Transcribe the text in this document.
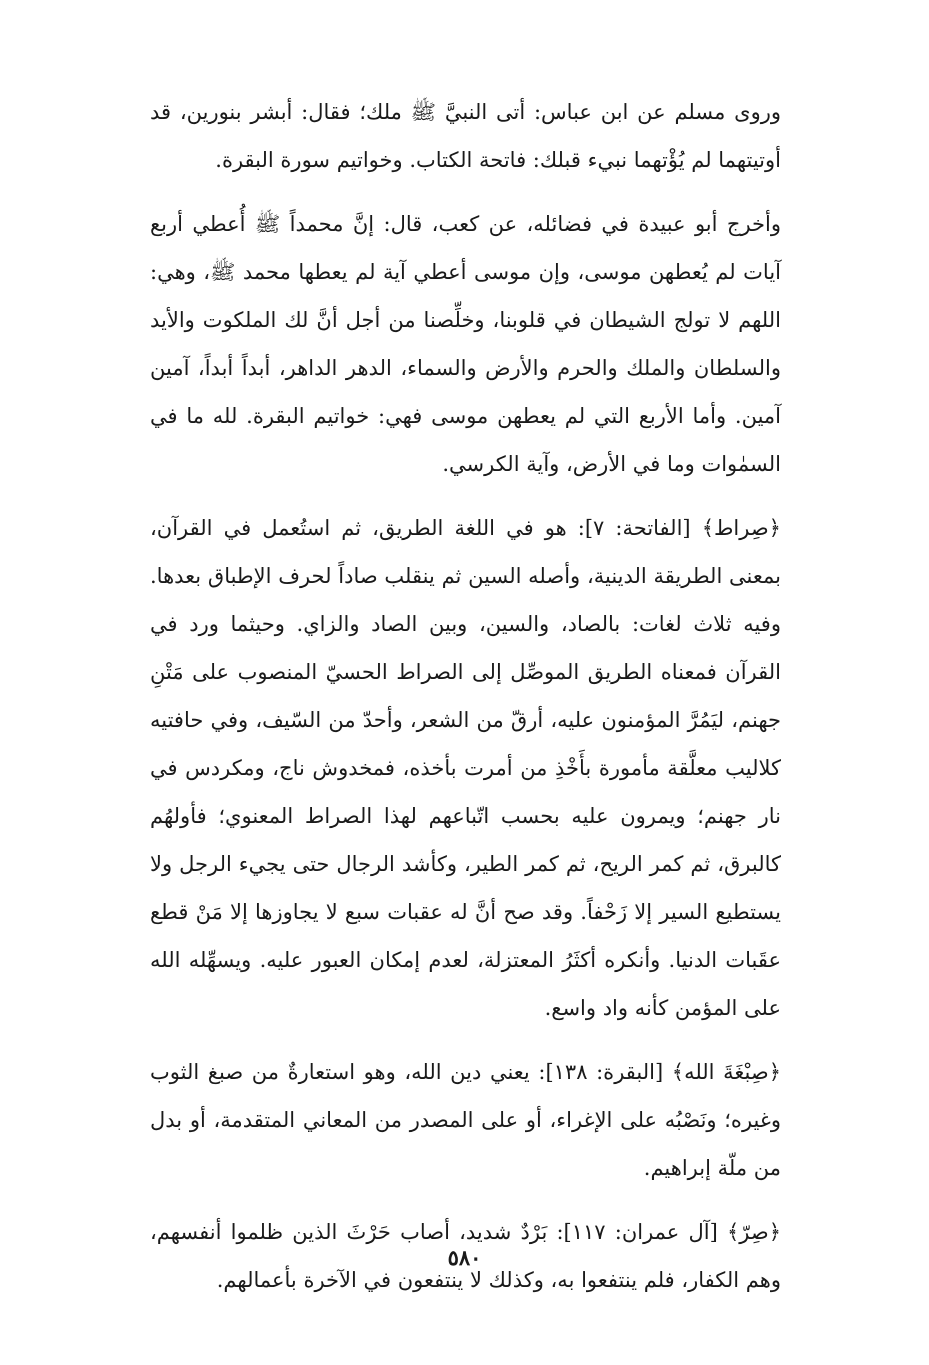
وروى مسلم عن ابن عباس: أتى النبيَّ ﷺ ملك؛ فقال: أبشر بنورين، قد أوتيتهما لم يُؤْتهما نبيء قبلك: فاتحة الكتاب. وخواتيم سورة البقرة.

وأخرج أبو عبيدة في فضائله، عن كعب، قال: إنَّ محمداً ﷺ أُعطي أربع آيات لم يُعطهن موسى، وإن موسى أعطي آية لم يعطها محمد ﷺ، وهي: اللهم لا تولج الشيطان في قلوبنا، وخلِّصنا من أجل أنَّ لك الملكوت والأيد والسلطان والملك والحرم والأرض والسماء، الدهر الداهر، أبداً أبداً، آمين آمين. وأما الأربع التي لم يعطهن موسى فهي: خواتيم البقرة. لله ما في السمٰوات وما في الأرض، وآية الكرسي.

﴿صِراط﴾ [الفاتحة: ٧]: هو في اللغة الطريق، ثم استُعمل في القرآن، بمعنى الطريقة الدينية، وأصله السين ثم ينقلب صاداً لحرف الإطباق بعدها. وفيه ثلاث لغات: بالصاد، والسين، وبين الصاد والزاي. وحيثما ورد في القرآن فمعناه الطريق الموصِّل إلى الصراط الحسيّ المنصوب على مَتْنِ جهنم، ليَمُرَّ المؤمنون عليه، أرقّ من الشعر، وأحدّ من السّيف، وفي حافتيه كلاليب معلَّقة مأمورة بأَخْذِ من أمرت بأخذه، فمخدوش ناج، ومكردس في نار جهنم؛ ويمرون عليه بحسب اتّباعهم لهذا الصراط المعنوي؛ فأولهُم كالبرق، ثم كمر الريح، ثم كمر الطير، وكأشد الرجال حتى يجيء الرجل ولا يستطيع السير إلا زَحْفاً. وقد صح أنَّ له عقبات سبع لا يجاوزها إلا مَنْ قطع عقَبات الدنيا. وأنكره أكثَرُ المعتزلة، لعدم إمكان العبور عليه. ويسهِّله الله على المؤمن كأنه واد واسع.

﴿صِبْغَةَ الله﴾ [البقرة: ١٣٨]: يعني دين الله، وهو استعارةٌ من صبغ الثوب وغيره؛ ونَصْبُه على الإغراء، أو على المصدر من المعاني المتقدمة، أو بدل من ملّة إبراهيم.

﴿صِرّ﴾ [آل عمران: ١١٧]: بَرْدٌ شديد، أصاب حَرْثَ الذين ظلموا أنفسهم، وهم الكفار، فلم ينتفعوا به، وكذلك لا ينتفعون في الآخرة بأعمالهم.

٥٨٠
